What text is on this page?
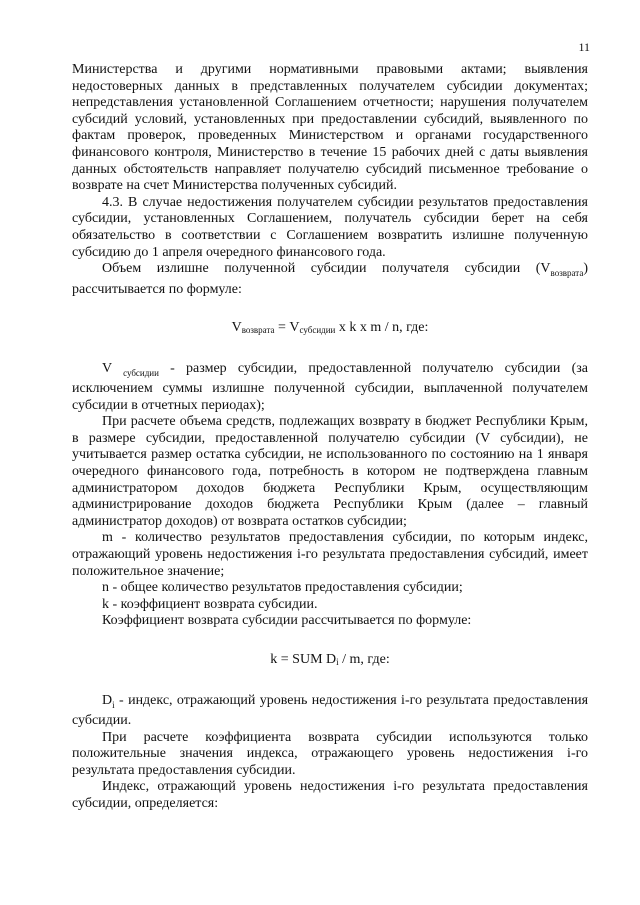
11

Министерства и другими нормативными правовыми актами; выявления недостоверных данных в представленных получателем субсидии документах; непредставления установленной Соглашением отчетности; нарушения получателем субсидий условий, установленных при предоставлении субсидий, выявленного по фактам проверок, проведенных Министерством и органами государственного финансового контроля, Министерство в течение 15 рабочих дней с даты выявления данных обстоятельств направляет получателю субсидий письменное требование о возврате на счет Министерства полученных субсидий.

4.3. В случае недостижения получателем субсидии результатов предоставления субсидии, установленных Соглашением, получатель субсидии берет на себя обязательство в соответствии с Соглашением возвратить излишне полученную субсидию до 1 апреля очередного финансового года.

Объем излишне полученной субсидии получателя субсидии $(V_{возврата})$ рассчитывается по формуле:

$V_{возврата} = V_{субсидии}$ x k x m / n, где:

V $_{субсидии}$ - размер субсидии, предоставленной получателю субсидии (за исключением суммы излишне полученной субсидии, выплаченной получателем субсидии в отчетных периодах);

При расчете объема средств, подлежащих возврату в бюджет Республики Крым, в размере субсидии, предоставленной получателю субсидии (V субсидии), не учитывается размер остатка субсидии, не использованного по состоянию на 1 января очередного финансового года, потребность в котором не подтверждена главным администратором доходов бюджета Республики Крым, осуществляющим администрирование доходов бюджета Республики Крым (далее – главный администратор доходов) от возврата остатков субсидии;

m - количество результатов предоставления субсидии, по которым индекс, отражающий уровень недостижения i-го результата предоставления субсидий, имеет положительное значение;

n - общее количество результатов предоставления субсидии;

k - коэффициент возврата субсидии.

Коэффициент возврата субсидии рассчитывается по формуле:

k = SUM $D_i$ / m, где:

$D_i$ - индекс, отражающий уровень недостижения i-го результата предоставления субсидии.

При расчете коэффициента возврата субсидии используются только положительные значения индекса, отражающего уровень недостижения i-го результата предоставления субсидии.

Индекс, отражающий уровень недостижения i-го результата предоставления субсидии, определяется:
